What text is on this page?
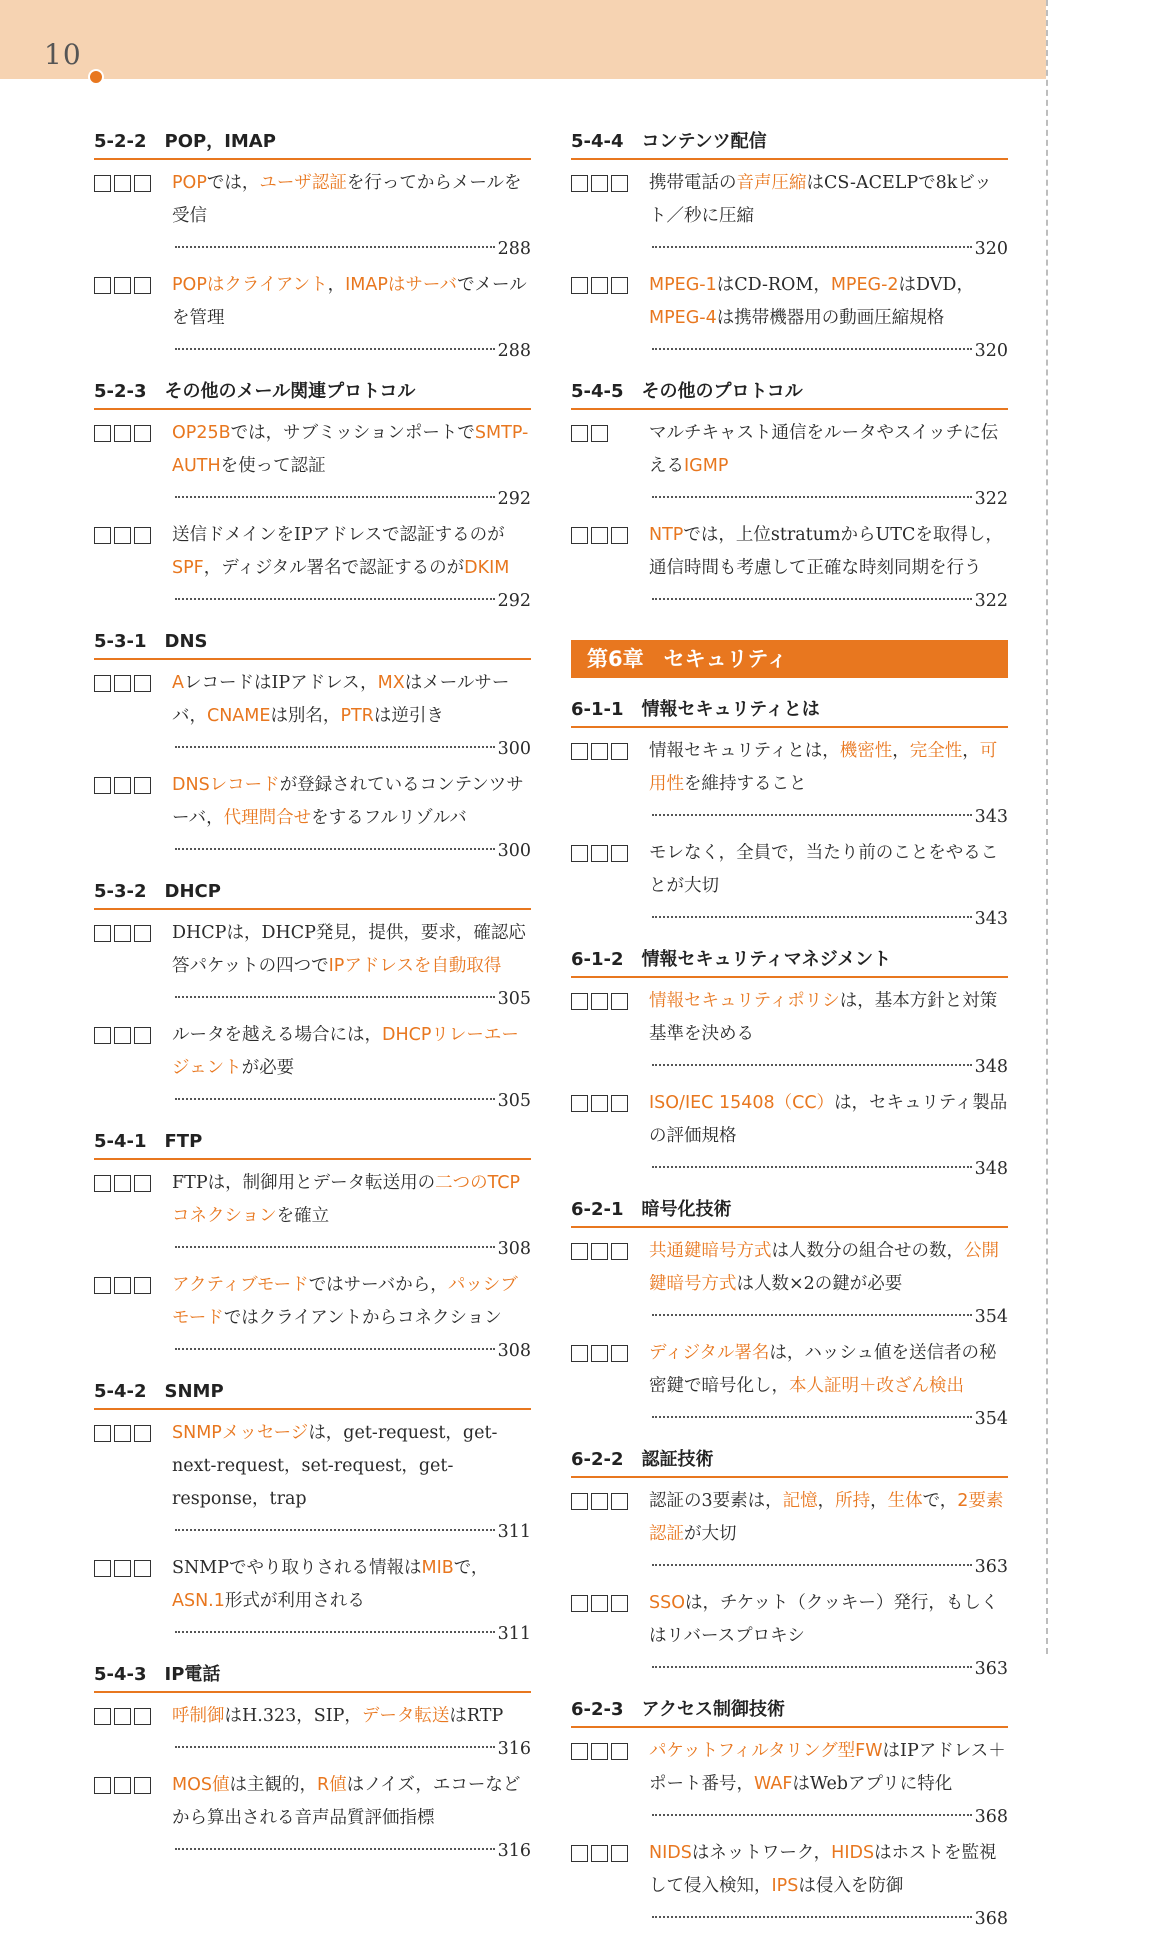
10
5-2-2 POP，IMAP
POPでは，ユーザ認証を行ってからメールを受信
288
POPはクライアント，IMAPはサーバでメールを管理
288
5-2-3 その他のメール関連プロトコル
OP25Bでは，サブミッションポートでSMTP-AUTHを使って認証
292
送信ドメインをIPアドレスで認証するのがSPF，ディジタル署名で認証するのがDKIM
292
5-3-1 DNS
AレコードはIPアドレス，MXはメールサーバ，CNAMEは別名，PTRは逆引き
300
DNSレコードが登録されているコンテンツサーバ，代理問合せをするフルリゾルバ
300
5-3-2 DHCP
DHCPは，DHCP発見，提供，要求，確認応答パケットの四つでIPアドレスを自動取得
305
ルータを越える場合には，DHCPリレーエージェントが必要
305
5-4-1 FTP
FTPは，制御用とデータ転送用の二つのTCPコネクションを確立
308
アクティブモードではサーバから，パッシブモードではクライアントからコネクション
308
5-4-2 SNMP
SNMPメッセージは，get-request，get-next-request，set-request，get-response，trap
311
SNMPでやり取りされる情報はMIBで，ASN.1形式が利用される
311
5-4-3 IP電話
呼制御はH.323，SIP，データ転送はRTP
316
MOS値は主観的，R値はノイズ，エコーなどから算出される音声品質評価指標
316
5-4-4 コンテンツ配信
携帯電話の音声圧縮はCS-ACELPで8kビット／秒に圧縮
320
MPEG-1はCD-ROM，MPEG-2はDVD，MPEG-4は携帯機器用の動画圧縮規格
320
5-4-5 その他のプロトコル
マルチキャスト通信をルータやスイッチに伝えるIGMP
322
NTPでは，上位stratumからUTCを取得し，通信時間も考慮して正確な時刻同期を行う
322
第6章 セキュリティ
6-1-1 情報セキュリティとは
情報セキュリティとは，機密性，完全性，可用性を維持すること
343
モレなく，全員で，当たり前のことをやることが大切
343
6-1-2 情報セキュリティマネジメント
情報セキュリティポリシは，基本方針と対策基準を決める
348
ISO/IEC 15408（CC）は，セキュリティ製品の評価規格
348
6-2-1 暗号化技術
共通鍵暗号方式は人数分の組合せの数，公開鍵暗号方式は人数×2の鍵が必要
354
ディジタル署名は，ハッシュ値を送信者の秘密鍵で暗号化し，本人証明＋改ざん検出
354
6-2-2 認証技術
認証の3要素は，記憶，所持，生体で，2要素認証が大切
363
SSOは，チケット（クッキー）発行，もしくはリバースプロキシ
363
6-2-3 アクセス制御技術
パケットフィルタリング型FWはIPアドレス＋ポート番号，WAFはWebアプリに特化
368
NIDSはネットワーク，HIDSはホストを監視して侵入検知，IPSは侵入を防御
368
